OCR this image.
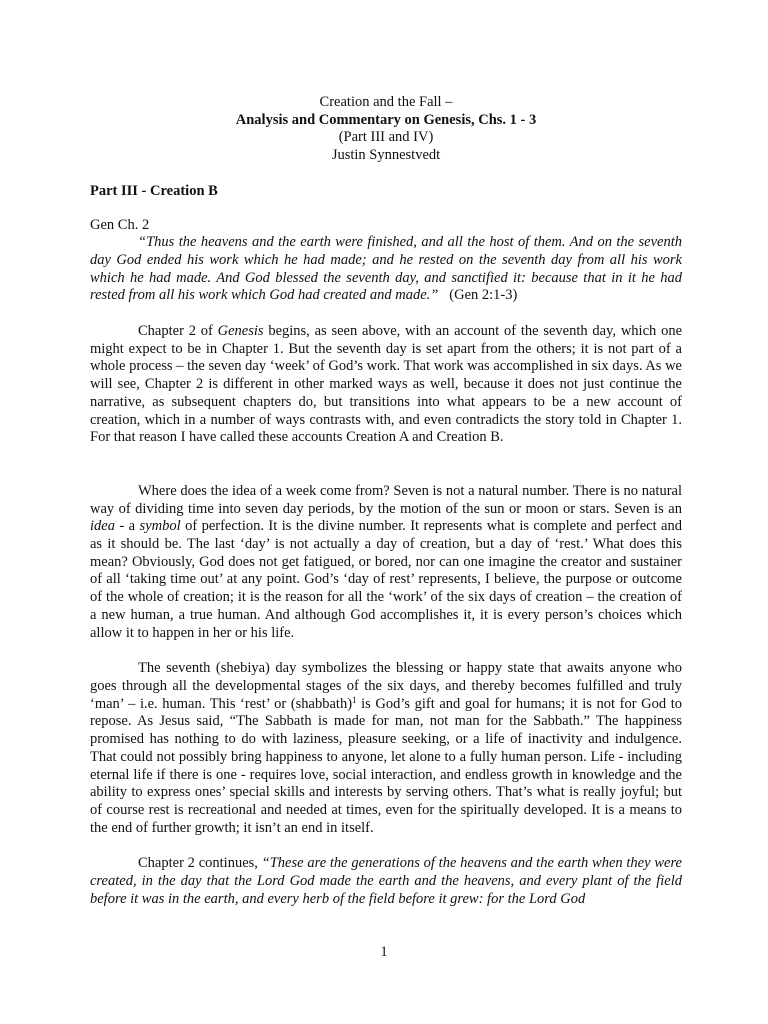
Creation and the Fall –
Analysis and Commentary on Genesis, Chs. 1 - 3
(Part III and IV)
Justin Synnestvedt
Part III - Creation B
Gen Ch. 2
“Thus the heavens and the earth were finished, and all the host of them. And on the seventh day God ended his work which he had made; and he rested on the seventh day from all his work which he had made. And God blessed the seventh day, and sanctified it: because that in it he had rested from all his work which God had created and made.” (Gen 2:1-3)

Chapter 2 of Genesis begins, as seen above, with an account of the seventh day, which one might expect to be in Chapter 1. But the seventh day is set apart from the others; it is not part of a whole process – the seven day ‘week’ of God’s work. That work was accomplished in six days. As we will see, Chapter 2 is different in other marked ways as well, because it does not just continue the narrative, as subsequent chapters do, but transitions into what appears to be a new account of creation, which in a number of ways contrasts with, and even contradicts the story told in Chapter 1. For that reason I have called these accounts Creation A and Creation B.

Where does the idea of a week come from? Seven is not a natural number. There is no natural way of dividing time into seven day periods, by the motion of the sun or moon or stars. Seven is an idea - a symbol of perfection. It is the divine number. It represents what is complete and perfect and as it should be. The last ‘day’ is not actually a day of creation, but a day of ‘rest.’ What does this mean? Obviously, God does not get fatigued, or bored, nor can one imagine the creator and sustainer of all ‘taking time out’ at any point. God’s ‘day of rest’ represents, I believe, the purpose or outcome of the whole of creation; it is the reason for all the ‘work’ of the six days of creation – the creation of a new human, a true human. And although God accomplishes it, it is every person’s choices which allow it to happen in her or his life.

The seventh (shebiya) day symbolizes the blessing or happy state that awaits anyone who goes through all the developmental stages of the six days, and thereby becomes fulfilled and truly ‘man’ – i.e. human. This ‘rest’ or (shabbath)$^1$ is God’s gift and goal for humans; it is not for God to repose. As Jesus said, “The Sabbath is made for man, not man for the Sabbath.” The happiness promised has nothing to do with laziness, pleasure seeking, or a life of inactivity and indulgence. That could not possibly bring happiness to anyone, let alone to a fully human person. Life - including eternal life if there is one - requires love, social interaction, and endless growth in knowledge and the ability to express ones’ special skills and interests by serving others. That’s what is really joyful; but of course rest is recreational and needed at times, even for the spiritually developed. It is a means to the end of further growth; it isn’t an end in itself.

Chapter 2 continues, “These are the generations of the heavens and the earth when they were created, in the day that the Lord God made the earth and the heavens, and every plant of the field before it was in the earth, and every herb of the field before it grew: for the Lord God

1
